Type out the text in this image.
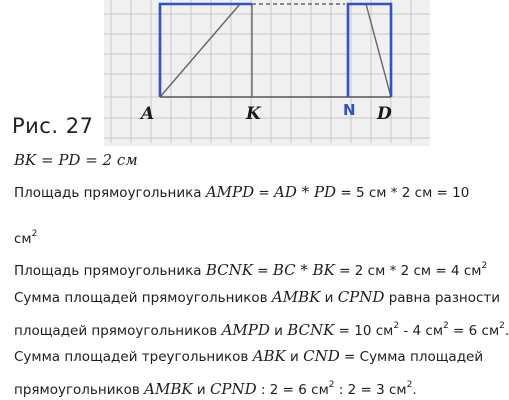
Рис. 27	A	K	N D
BK = PD = 2 см
Площадь прямоугольника AMPD = AD * PD = 5 см * 2 см = 10
$см^2$
Площадь прямоугольника BCNK = BC * BK = 2 см * 2 см = 4 $см^2$
Сумма площадей прямоугольников AMBK и CPND равна разности
площадей прямоугольников AMPD и BCNK = 10 $см^2 - 4$ $см^2 = 6$ $см^2$.
Сумма площадей треугольников ABK и CND = Сумма площадей
прямоугольников AMBK и CPND : 2 = 6 $см^2$ : 2 = 3 $см^2$.
